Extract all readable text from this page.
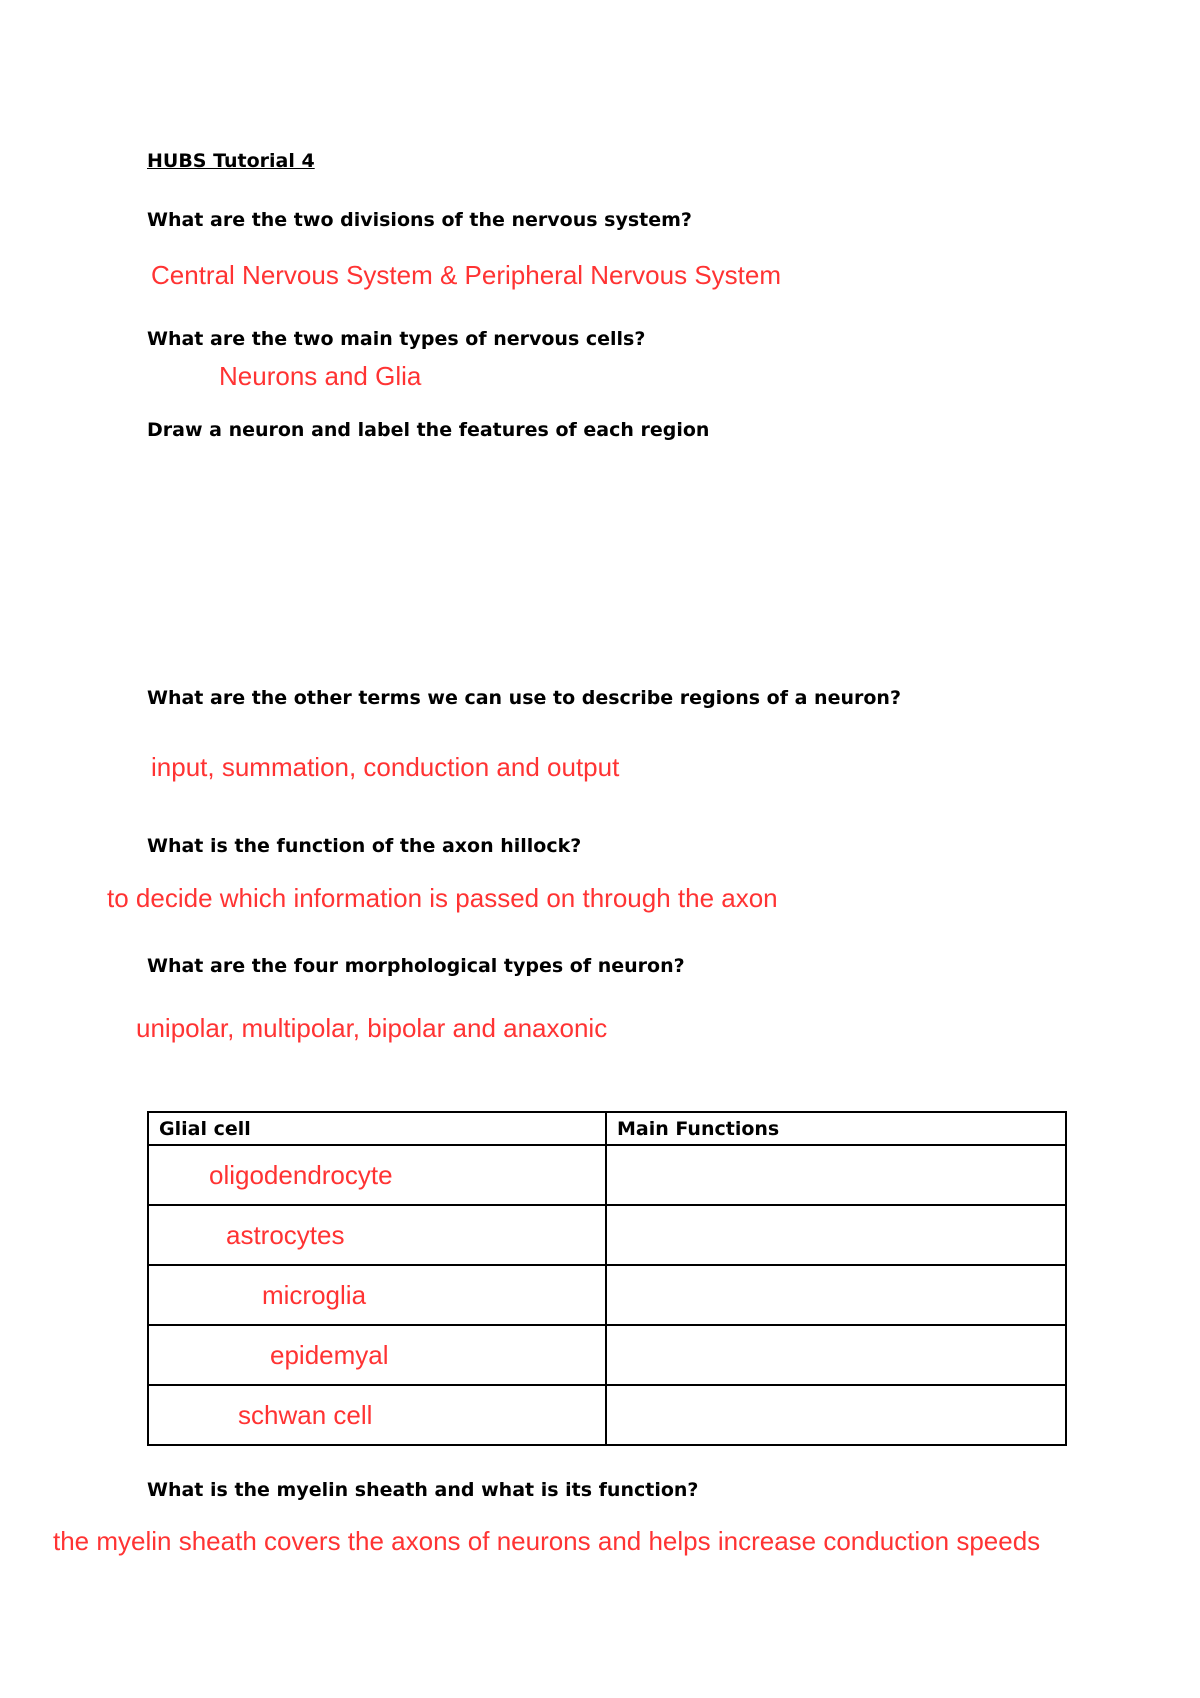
HUBS Tutorial 4
What are the two divisions of the nervous system?
Central Nervous System & Peripheral Nervous System
What are the two main types of nervous cells?
Neurons and Glia
Draw a neuron and label the features of each region
What are the other terms we can use to describe regions of a neuron?
input, summation, conduction and output
What is the function of the axon hillock?
to decide which information is passed on through the axon
What are the four morphological types of neuron?
unipolar, multipolar, bipolar and anaxonic
Glial cell	Main Functions
oligodendrocyte	
astrocytes	
microglia	
epidemyal	
schwan cell	
What is the myelin sheath and what is its function?
the myelin sheath covers the axons of neurons and helps increase conduction speeds
